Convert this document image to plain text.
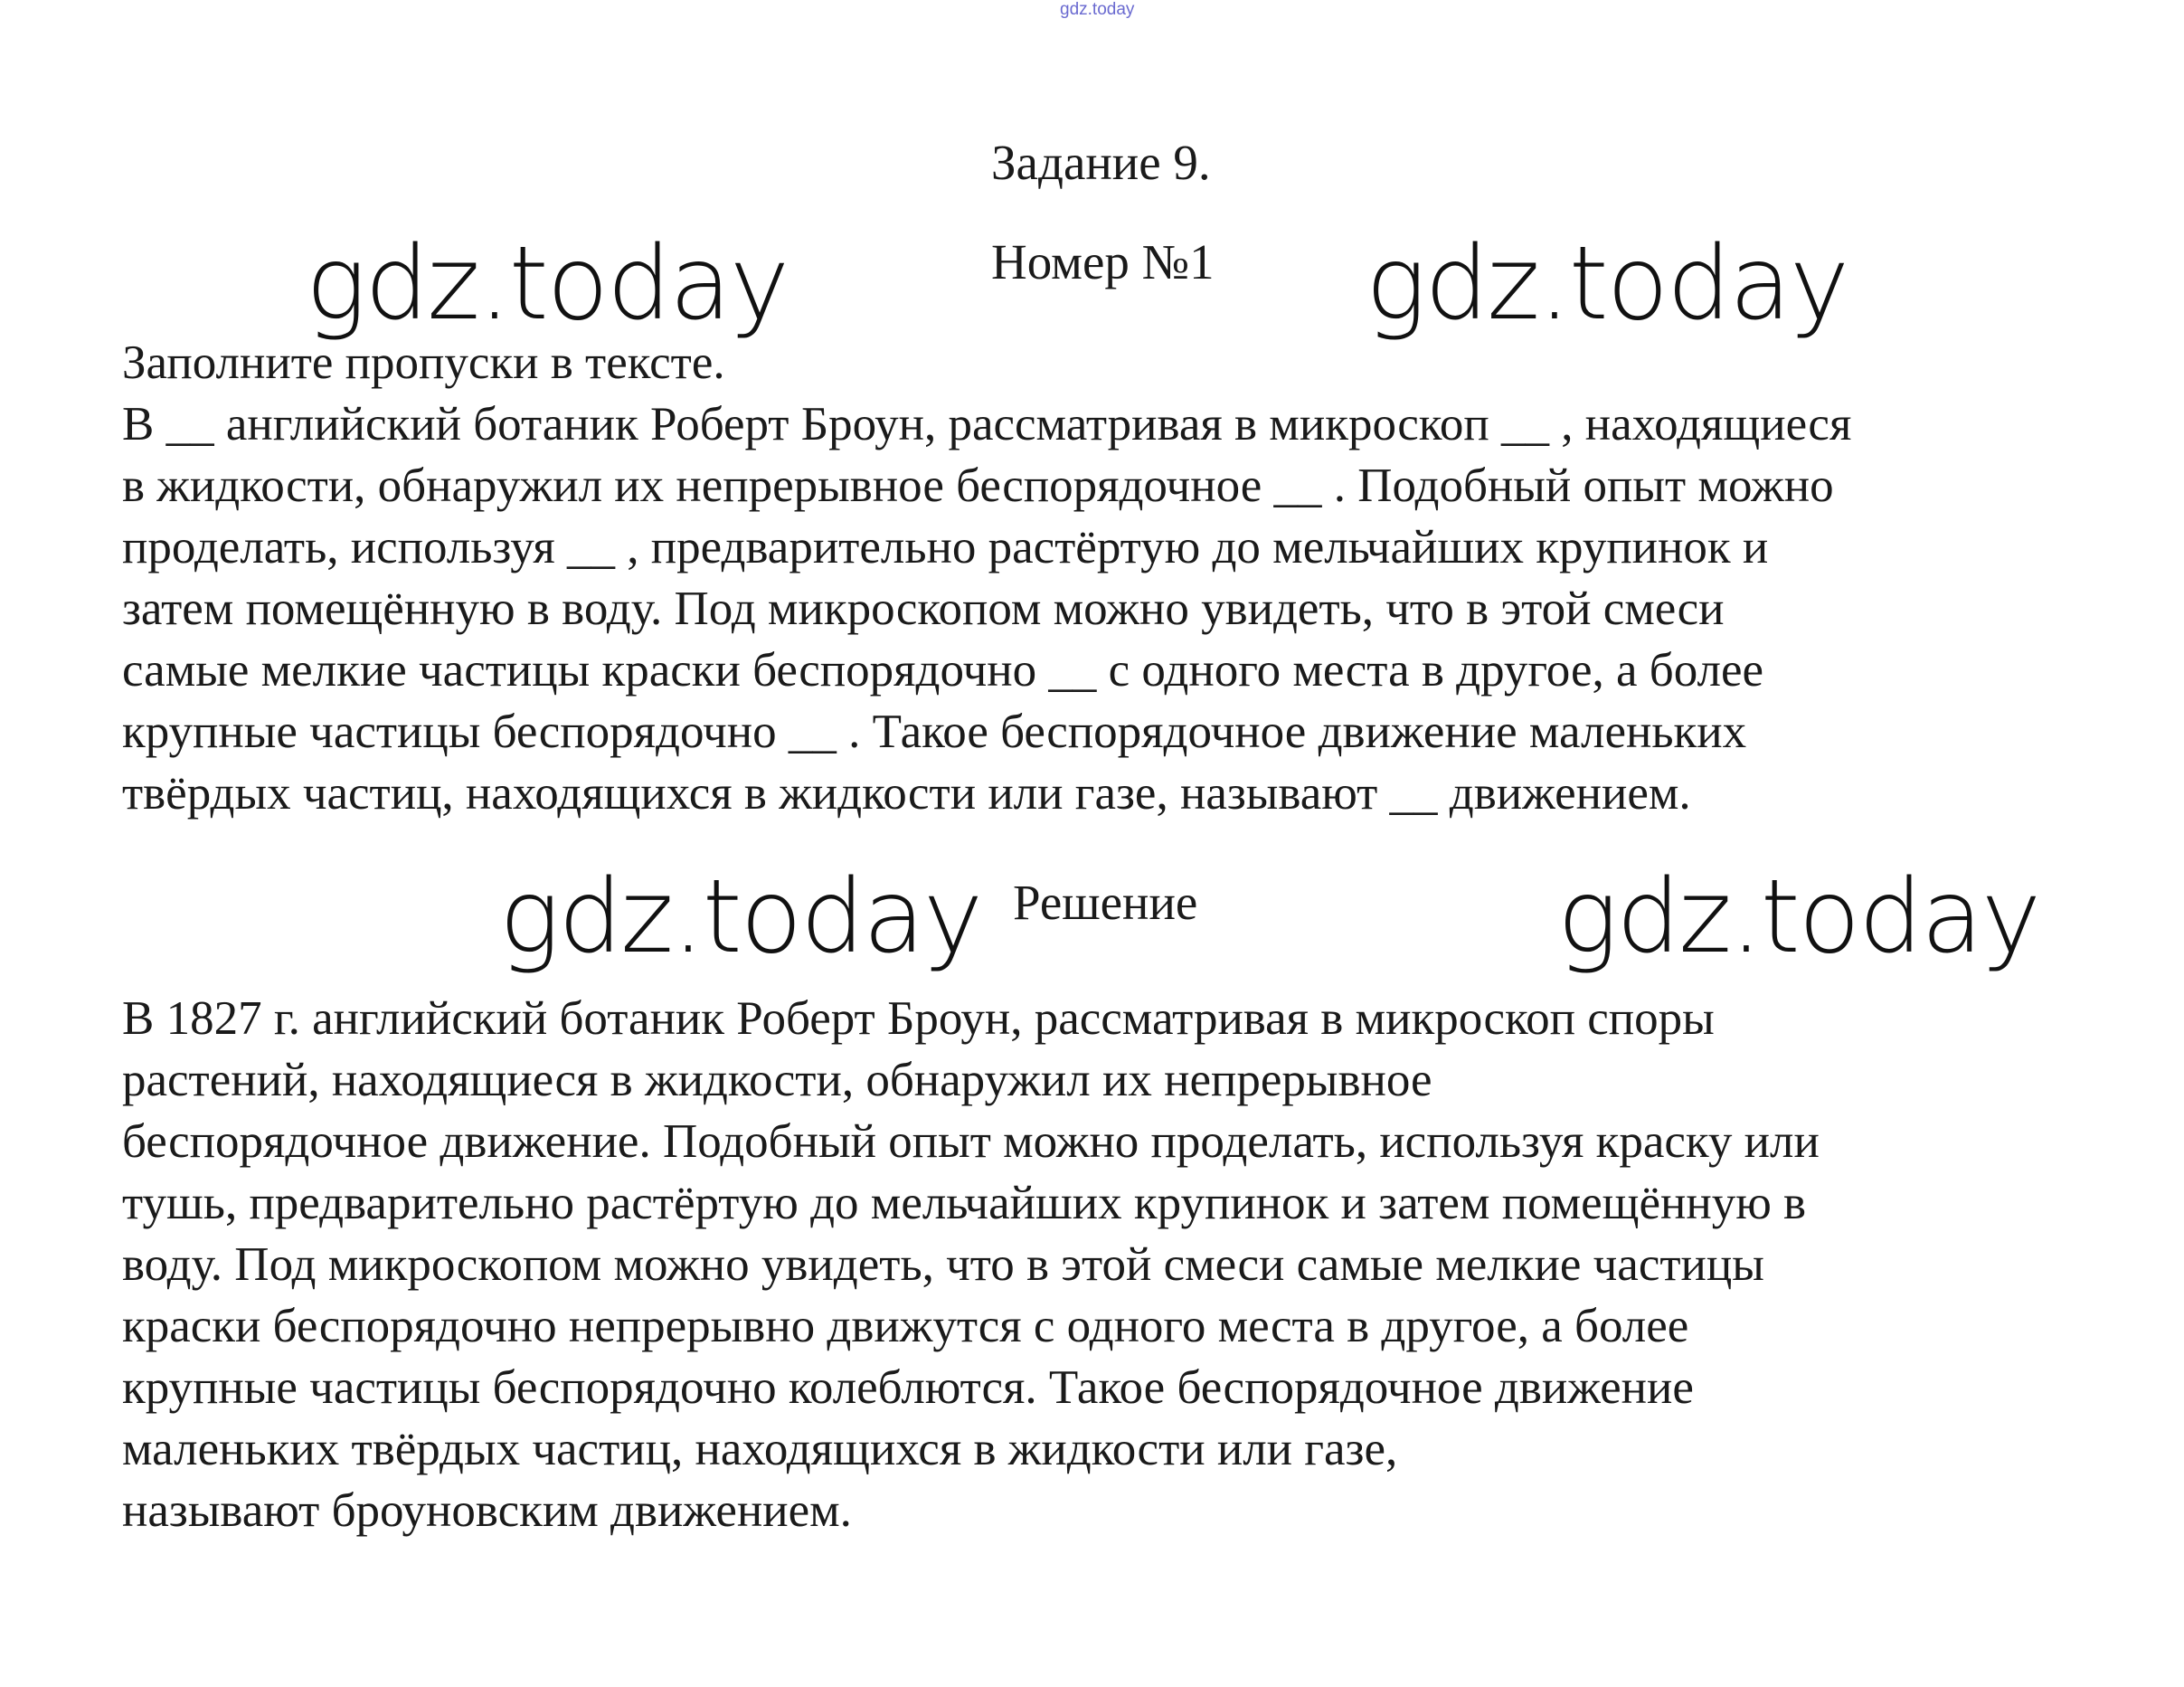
gdz.today
gdz.today	gdz.today
gdz.today	gdz.today
Задание 9.
Номер №1
Заполните пропуски в тексте.
В __ английский ботаник Роберт Броун, рассматривая в микроскоп __ , находящиеся
в жидкости, обнаружил их непрерывное беспорядочное __ . Подобный опыт можно
проделать, используя __ , предварительно растёртую до мельчайших крупинок и
затем помещённую в воду. Под микроскопом можно увидеть, что в этой смеси
самые мелкие частицы краски беспорядочно __ с одного места в другое, а более
крупные частицы беспорядочно __ . Такое беспорядочное движение маленьких
твёрдых частиц, находящихся в жидкости или газе, называют __ движением.
Решение
В 1827 г. английский ботаник Роберт Броун, рассматривая в микроскоп споры
растений, находящиеся в жидкости, обнаружил их непрерывное
беспорядочное движение. Подобный опыт можно проделать, используя краску или
тушь, предварительно растёртую до мельчайших крупинок и затем помещённую в
воду. Под микроскопом можно увидеть, что в этой смеси самые мелкие частицы
краски беспорядочно непрерывно движутся с одного места в другое, а более
крупные частицы беспорядочно колеблются. Такое беспорядочное движение
маленьких твёрдых частиц, находящихся в жидкости или газе,
называют броуновским движением.
